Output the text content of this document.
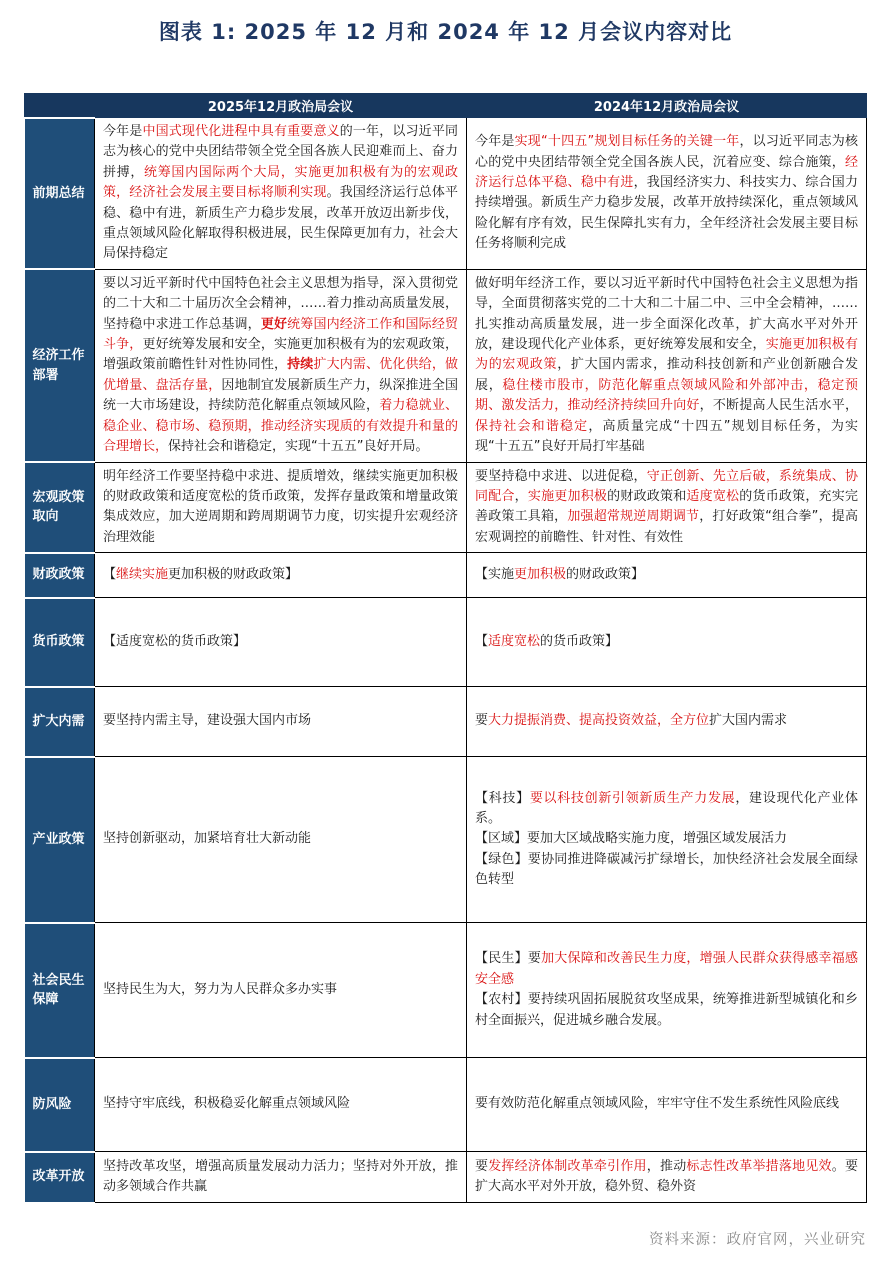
图表 1: 2025 年 12 月和 2024 年 12 月会议内容对比
	2025年12月政治局会议	2024年12月政治局会议
前期总结	今年是中国式现代化进程中具有重要意义的一年，以习近平同志为核心的党中央团结带领全党全国各族人民迎难而上、奋力拼搏，统筹国内国际两个大局，实施更加积极有为的宏观政策，经济社会发展主要目标将顺利实现。我国经济运行总体平稳、稳中有进，新质生产力稳步发展，改革开放迈出新步伐，重点领域风险化解取得积极进展，民生保障更加有力，社会大局保持稳定	今年是实现“十四五”规划目标任务的关键一年，以习近平同志为核心的党中央团结带领全党全国各族人民，沉着应变、综合施策，经济运行总体平稳、稳中有进，我国经济实力、科技实力、综合国力持续增强。新质生产力稳步发展，改革开放持续深化，重点领域风险化解有序有效，民生保障扎实有力，全年经济社会发展主要目标任务将顺利完成
经济工作部署	要以习近平新时代中国特色社会主义思想为指导，深入贯彻党的二十大和二十届历次全会精神，……着力推动高质量发展，坚持稳中求进工作总基调，更好统筹国内经济工作和国际经贸斗争，更好统筹发展和安全，实施更加积极有为的宏观政策，增强政策前瞻性针对性协同性，持续扩大内需、优化供给，做优增量、盘活存量，因地制宜发展新质生产力，纵深推进全国统一大市场建设，持续防范化解重点领域风险，着力稳就业、稳企业、稳市场、稳预期，推动经济实现质的有效提升和量的合理增长，保持社会和谐稳定，实现“十五五”良好开局。	做好明年经济工作，要以习近平新时代中国特色社会主义思想为指导，全面贯彻落实党的二十大和二十届二中、三中全会精神，……扎实推动高质量发展，进一步全面深化改革，扩大高水平对外开放，建设现代化产业体系，更好统筹发展和安全，实施更加积极有为的宏观政策，扩大国内需求，推动科技创新和产业创新融合发展，稳住楼市股市，防范化解重点领域风险和外部冲击，稳定预期、激发活力，推动经济持续回升向好，不断提高人民生活水平，保持社会和谐稳定，高质量完成“十四五”规划目标任务，为实现“十五五”良好开局打牢基础
宏观政策取向	明年经济工作要坚持稳中求进、提质增效，继续实施更加积极的财政政策和适度宽松的货币政策，发挥存量政策和增量政策集成效应，加大逆周期和跨周期调节力度，切实提升宏观经济治理效能	要坚持稳中求进、以进促稳，守正创新、先立后破，系统集成、协同配合，实施更加积极的财政政策和适度宽松的货币政策，充实完善政策工具箱，加强超常规逆周期调节，打好政策“组合拳”，提高宏观调控的前瞻性、针对性、有效性
财政政策	【继续实施更加积极的财政政策】	【实施更加积极的财政政策】
货币政策	【适度宽松的货币政策】	【适度宽松的货币政策】
扩大内需	要坚持内需主导，建设强大国内市场	要大力提振消费、提高投资效益，全方位扩大国内需求
产业政策	坚持创新驱动，加紧培育壮大新动能	【科技】要以科技创新引领新质生产力发展，建设现代化产业体系。
【区域】要加大区域战略实施力度，增强区域发展活力
【绿色】要协同推进降碳减污扩绿增长，加快经济社会发展全面绿色转型
社会民生保障	坚持民生为大，努力为人民群众多办实事	【民生】要加大保障和改善民生力度，增强人民群众获得感幸福感安全感
【农村】要持续巩固拓展脱贫攻坚成果，统筹推进新型城镇化和乡村全面振兴，促进城乡融合发展。
防风险	坚持守牢底线，积极稳妥化解重点领域风险	要有效防范化解重点领域风险，牢牢守住不发生系统性风险底线
改革开放	坚持改革攻坚，增强高质量发展动力活力；坚持对外开放，推动多领域合作共赢	要发挥经济体制改革牵引作用，推动标志性改革举措落地见效。要扩大高水平对外开放，稳外贸、稳外资
资料来源：政府官网，兴业研究
